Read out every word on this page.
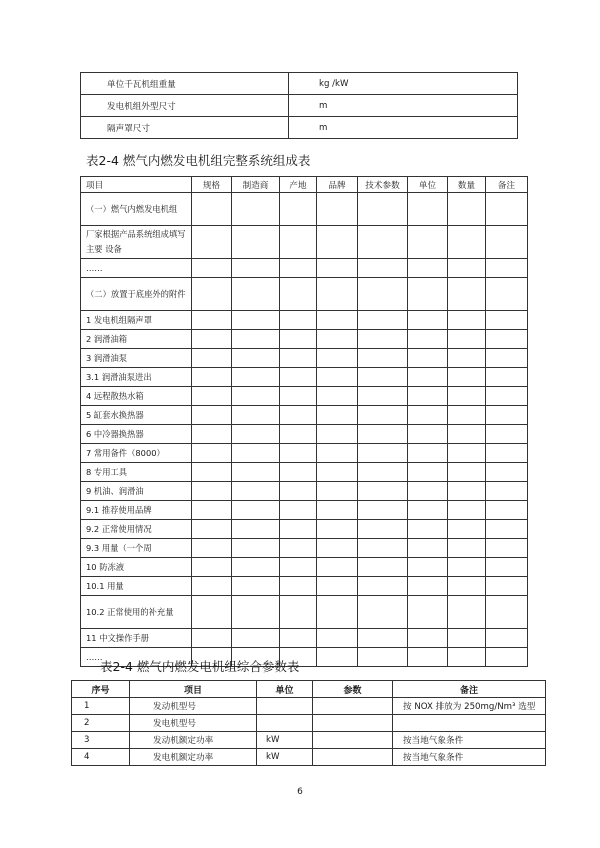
单位千瓦机组重量	kg /kW
发电机组外型尺寸	m
隔声罩尺寸	m
表2-4 燃气内燃发电机组完整系统组成表
项目	规格	制造商	产地	品牌	技术参数	单位	数量	备注
（一）燃气内燃发电机组								
厂家根据产品系统组成填写主要 设备								
……								
（二）放置于底座外的附件								
1 发电机组隔声罩								
2 润滑油箱								
3 润滑油泵								
3.1 润滑油泵进出								
4 远程散热水箱								
5 缸套水换热器								
6 中冷器换热器								
7 常用备件（8000）								
8 专用工具								
9 机油、润滑油								
9.1 推荐使用品牌								
9.2 正常使用情况								
9.3 用量（一个周								
10 防冻液								
10.1 用量								
10.2 正常使用的补充量								
11 中文操作手册								
……								
表2-4 燃气内燃发电机组综合参数表
序号	项目	单位	参数	备注
1	发动机型号			按 NOX 排放为 250mg/Nm³ 选型
2	发电机型号			
3	发动机额定功率	kW		按当地气象条件
4	发电机额定功率	kW		按当地气象条件
6
